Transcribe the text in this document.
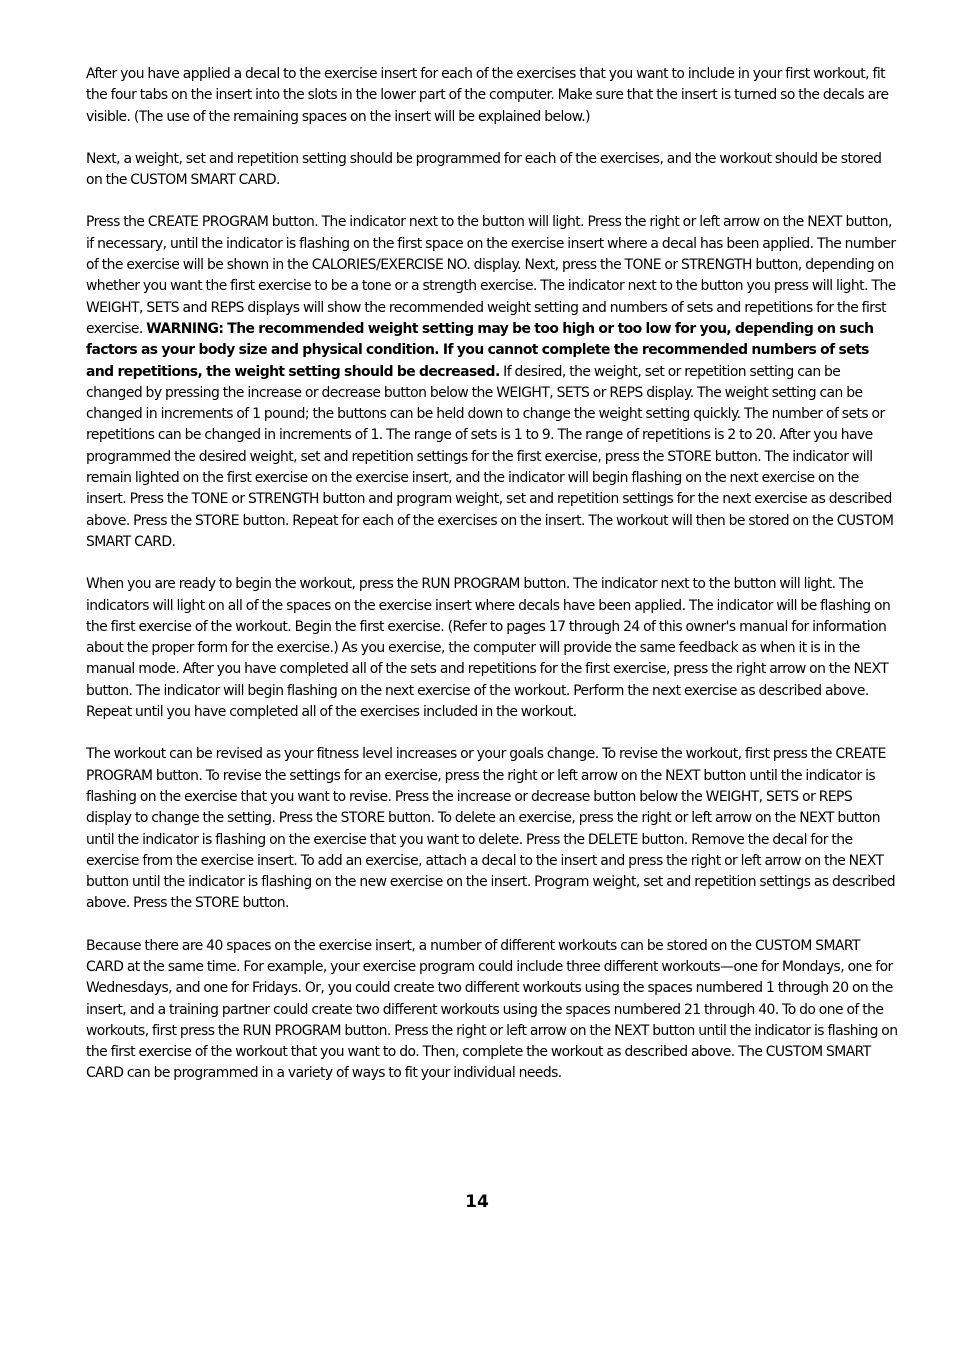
After you have applied a decal to the exercise insert for each of the exercises that you want to include in your first workout, fit the four tabs on the insert into the slots in the lower part of the computer. Make sure that the insert is turned so the decals are visible. (The use of the remaining spaces on the insert will be explained below.)

Next, a weight, set and repetition setting should be programmed for each of the exercises, and the workout should be stored on the CUSTOM SMART CARD.

Press the CREATE PROGRAM button. The indicator next to the button will light. Press the right or left arrow on the NEXT button, if necessary, until the indicator is flashing on the first space on the exercise insert where a decal has been applied. The number of the exercise will be shown in the CALORIES/EXERCISE NO. display. Next, press the TONE or STRENGTH button, depending on whether you want the first exercise to be a tone or a strength exercise. The indicator next to the button you press will light. The WEIGHT, SETS and REPS displays will show the recommended weight setting and numbers of sets and repetitions for the first exercise. WARNING: The recommended weight setting may be too high or too low for you, depending on such factors as your body size and physical condition. If you cannot complete the recommended numbers of sets and repetitions, the weight setting should be decreased. If desired, the weight, set or repetition setting can be changed by pressing the increase or decrease button below the WEIGHT, SETS or REPS display. The weight setting can be changed in increments of 1 pound; the buttons can be held down to change the weight setting quickly. The number of sets or repetitions can be changed in increments of 1. The range of sets is 1 to 9. The range of repetitions is 2 to 20. After you have programmed the desired weight, set and repetition settings for the first exercise, press the STORE button. The indicator will remain lighted on the first exercise on the exercise insert, and the indicator will begin flashing on the next exercise on the insert. Press the TONE or STRENGTH button and program weight, set and repetition settings for the next exercise as described above. Press the STORE button. Repeat for each of the exercises on the insert. The workout will then be stored on the CUSTOM SMART CARD.

When you are ready to begin the workout, press the RUN PROGRAM button. The indicator next to the button will light. The indicators will light on all of the spaces on the exercise insert where decals have been applied. The indicator will be flashing on the first exercise of the workout. Begin the first exercise. (Refer to pages 17 through 24 of this owner's manual for information about the proper form for the exercise.) As you exercise, the computer will provide the same feedback as when it is in the manual mode. After you have completed all of the sets and repetitions for the first exercise, press the right arrow on the NEXT button. The indicator will begin flashing on the next exercise of the workout. Perform the next exercise as described above. Repeat until you have completed all of the exercises included in the workout.

The workout can be revised as your fitness level increases or your goals change. To revise the workout, first press the CREATE PROGRAM button. To revise the settings for an exercise, press the right or left arrow on the NEXT button until the indicator is flashing on the exercise that you want to revise. Press the increase or decrease button below the WEIGHT, SETS or REPS display to change the setting. Press the STORE button. To delete an exercise, press the right or left arrow on the NEXT button until the indicator is flashing on the exercise that you want to delete. Press the DELETE button. Remove the decal for the exercise from the exercise insert. To add an exercise, attach a decal to the insert and press the right or left arrow on the NEXT button until the indicator is flashing on the new exercise on the insert. Program weight, set and repetition settings as described above. Press the STORE button.

Because there are 40 spaces on the exercise insert, a number of different workouts can be stored on the CUSTOM SMART CARD at the same time. For example, your exercise program could include three different workouts—one for Mondays, one for Wednesdays, and one for Fridays. Or, you could create two different workouts using the spaces numbered 1 through 20 on the insert, and a training partner could create two different workouts using the spaces numbered 21 through 40. To do one of the workouts, first press the RUN PROGRAM button. Press the right or left arrow on the NEXT button until the indicator is flashing on the first exercise of the workout that you want to do. Then, complete the workout as described above. The CUSTOM SMART CARD can be programmed in a variety of ways to fit your individual needs.

14
